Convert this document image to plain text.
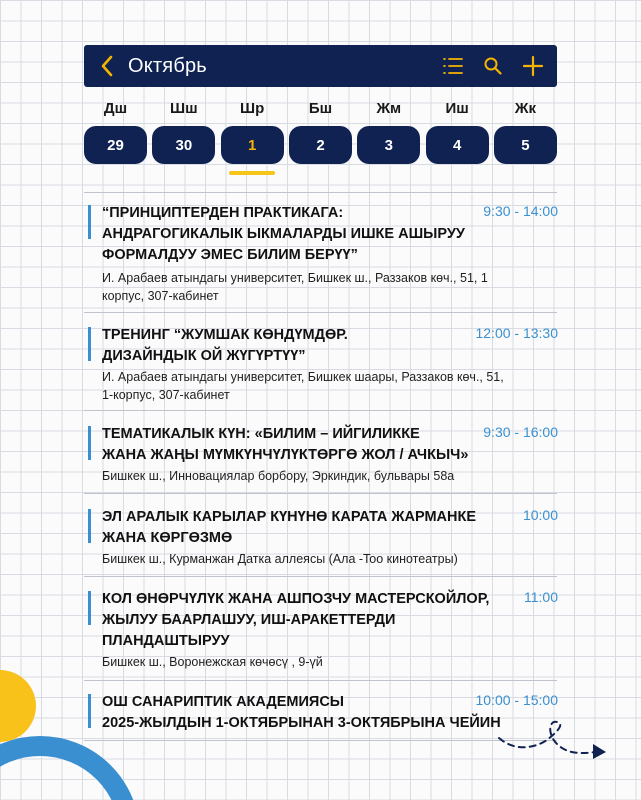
Октябрь
Дш	Шш	Шр	Бш	Жм	Иш	Жк
29	30	1	2	3	4	5
“ПРИНЦИПТЕРДЕН ПРАКТИКАГА:
АНДРАГОГИКАЛЫК ЫКМАЛАРДЫ ИШКЕ АШЫРУУ
ФОРМАЛДУУ ЭМЕС БИЛИМ БЕРҮҮ”
9:30 - 14:00
И. Арабаев атындагы университет, Бишкек ш., Раззаков көч., 51, 1
корпус, 307-кабинет
ТРЕНИНГ “ЖУМШАК КӨНДҮМДӨР.
ДИЗАЙНДЫК ОЙ ЖҮГҮРТҮҮ”
12:00 - 13:30
И. Арабаев атындагы университет, Бишкек шаары, Раззаков көч., 51,
1-корпус, 307-кабинет
ТЕМАТИКАЛЫК КҮН: «БИЛИМ – ИЙГИЛИККЕ
ЖАНА ЖАҢЫ МҮМКҮНЧҮЛҮКТӨРГӨ ЖОЛ / АЧКЫЧ»
9:30 - 16:00
Бишкек ш., Инновациялар борбору, Эркиндик, бульвары 58а
ЭЛ АРАЛЫК КАРЫЛАР КҮНҮНӨ КАРАТА ЖАРМАНКЕ
ЖАНА КӨРГӨЗМӨ
10:00
Бишкек ш., Курманжан Датка аллеясы (Ала -Too кинотеатры)
КОЛ ӨНӨРЧҮЛҮК ЖАНА АШПОЗЧУ МАСТЕРСКОЙЛОР,
ЖЫЛУУ БААРЛАШУУ, ИШ-АРАКЕТТЕРДИ
ПЛАНДАШТЫРУУ
11:00
Бишкек ш., Воронежская көчөсү , 9-үй
ОШ САНАРИПТИК АКАДЕМИЯСЫ
2025-ЖЫЛДЫН 1-ОКТЯБРЫНАН 3-ОКТЯБРЫНА ЧЕЙИН
10:00 - 15:00
